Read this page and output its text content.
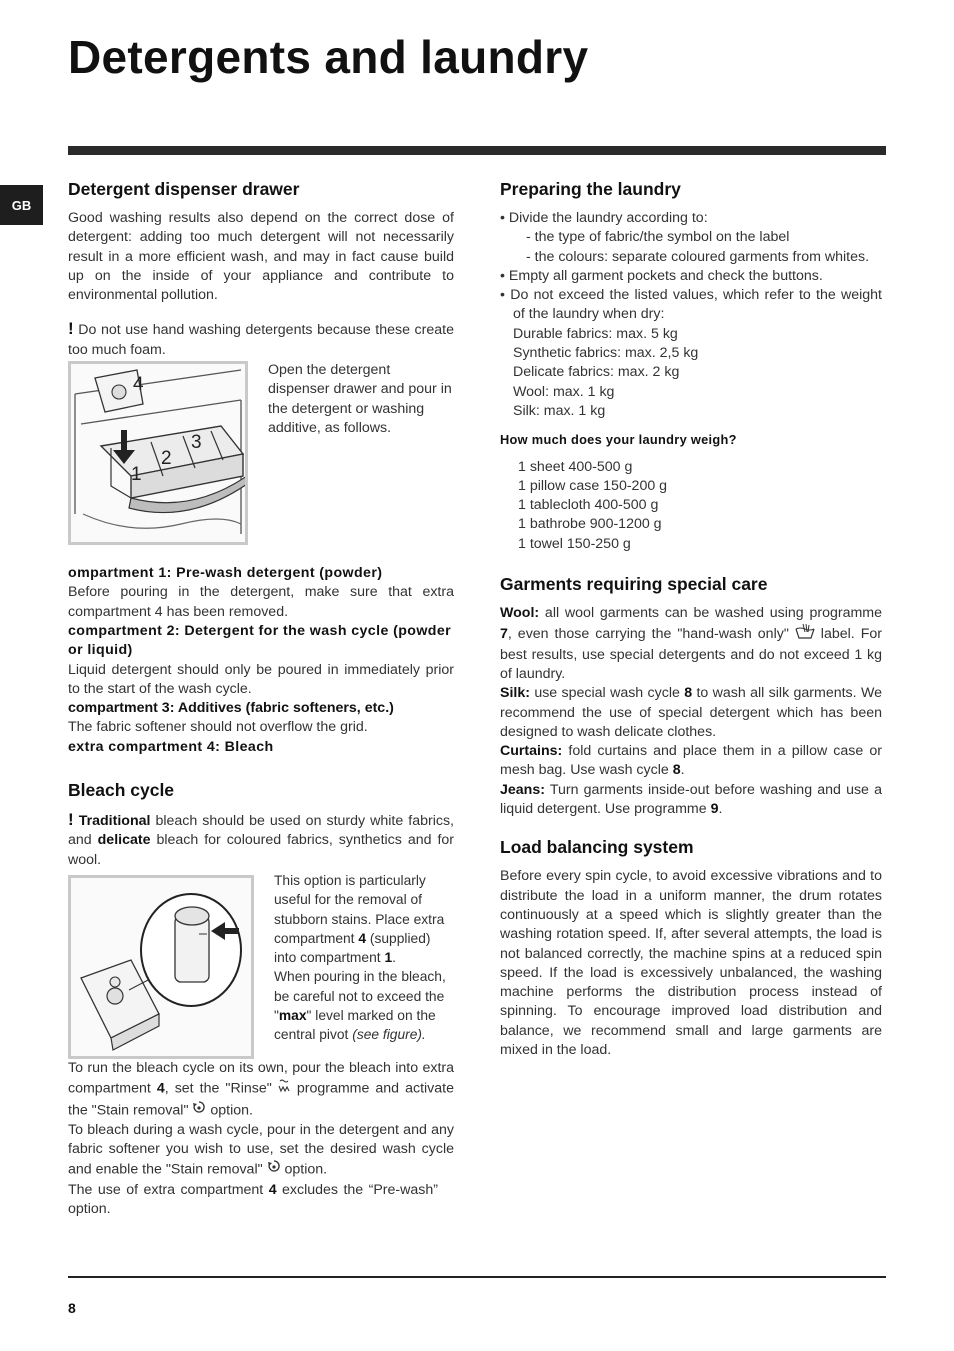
Detergents and laundry
GB
Detergent dispenser drawer

Good washing results also depend on the correct dose of detergent: adding too much detergent will not necessarily result in a more efficient wash, and may in fact cause build up on the inside of your appliance and contribute to environmental pollution.

! Do not use hand washing detergents because these create too much foam.

4
3
2
1
Open the detergent dispenser drawer and pour in the detergent or washing additive, as follows.
ompartment 1: Pre-wash detergent (powder)

Before pouring in the detergent, make sure that extra compartment 4 has been removed.

compartment 2: Detergent for the wash cycle (powder or liquid)

Liquid detergent should only be poured in immediately prior to the start of the wash cycle.

compartment 3: Additives (fabric softeners, etc.)

The fabric softener should not overflow the grid.

extra compartment 4: Bleach
Bleach cycle

! Traditional bleach should be used on sturdy white fabrics, and delicate bleach for coloured fabrics, synthetics and for wool.

This option is particularly useful for the removal of stubborn stains. Place extra compartment 4 (supplied) into compartment 1.
When pouring in the bleach, be careful not to exceed the "max" level marked on the central pivot (see figure).

To run the bleach cycle on its own, pour the bleach into extra compartment 4, set the "Rinse"  programme and activate the "Stain removal"  option.

To bleach during a wash cycle, pour in the detergent and any fabric softener you wish to use, set the desired wash cycle and enable the "Stain removal"  option.

The use of extra compartment 4 excludes the “Pre-wash” option.

Preparing the laundry
• Divide the laundry according to:
- the type of fabric/the symbol on the label
- the colours: separate coloured garments from whites.
• Empty all garment pockets and check the buttons.
• Do not exceed the listed values, which refer to the weight of the laundry when dry:
Durable fabrics: max. 5 kg
Synthetic fabrics: max. 2,5 kg
Delicate fabrics: max. 2 kg
Wool: max. 1 kg
Silk: max. 1 kg
How much does your laundry weigh?
1 sheet 400-500 g
1 pillow case 150-200 g
1 tablecloth 400-500 g
1 bathrobe 900-1200 g
1 towel 150-250 g
Garments requiring special care

Wool: all wool garments can be washed using programme 7, even those carrying the "hand-wash only"  label. For best results, use special detergents and do not exceed 1 kg of laundry.

Silk: use special wash cycle 8 to wash all silk garments. We recommend the use of special detergent which has been designed to wash delicate clothes.

Curtains: fold curtains and place them in a pillow case or mesh bag. Use wash cycle 8.

Jeans: Turn garments inside-out before washing and use a liquid detergent. Use programme 9.

Load balancing system

Before every spin cycle, to avoid excessive vibrations and to distribute the load in a uniform manner, the drum rotates continuously at a speed which is slightly greater than the washing rotation speed. If, after several attempts, the load is not balanced correctly, the machine spins at a reduced spin speed. If the load is excessively unbalanced, the washing machine performs the distribution process instead of spinning. To encourage improved load distribution and balance, we recommend small and large garments are mixed in the load.

8
